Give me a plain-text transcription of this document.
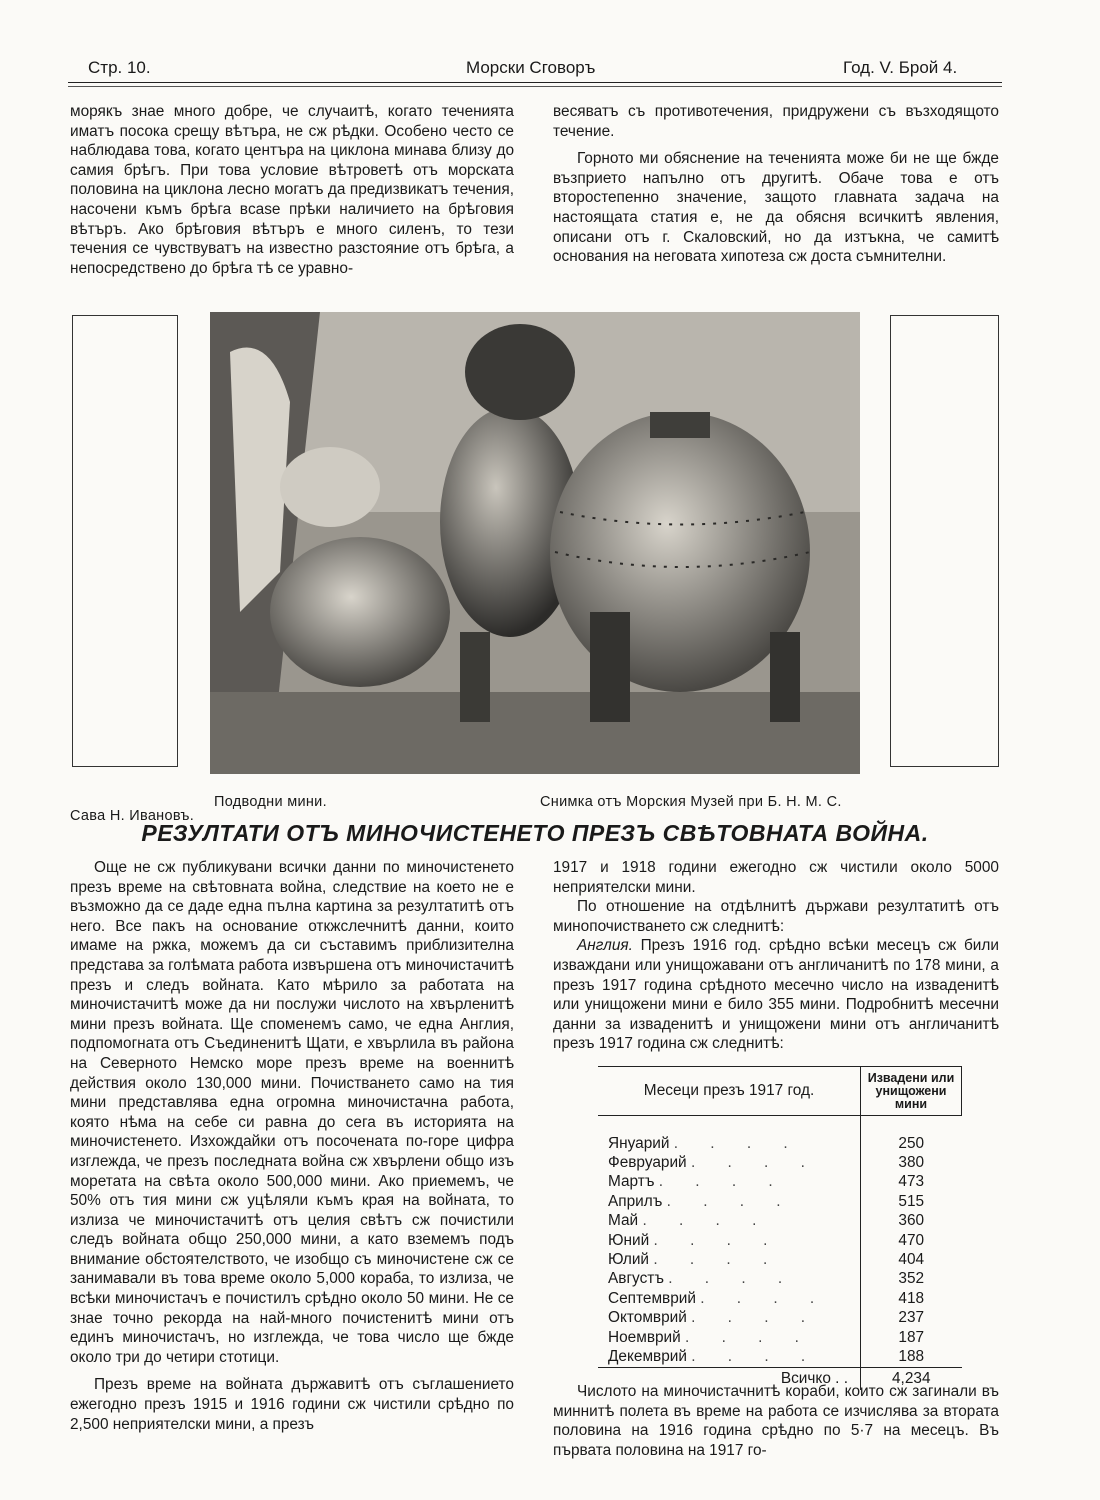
Стр. 10.	Морски Сговоръ	Год. V. Брой 4.

морякъ знае много добре, че случаитѣ, когато теченията иматъ посока срещу вѣтъра, не сж рѣдки. Особено често се наблюдава това, когато центъра на циклона минава близу до самия брѣгъ. При това условие вѣтроветѣ отъ морската половина на циклона лесно могатъ да предизвикатъ течения, насочени къмъ брѣга вcase прѣки наличието на брѣговия вѣтъръ. Ако брѣговия вѣтъръ е много силенъ, то тези течения се чувствуватъ на известно разстояние отъ брѣга, а непосредствено до брѣга тѣ се уравно-

весяватъ съ противотечения, придружени съ възходящото течение.

Горното ми обяснение на теченията може би не ще бжде възприето напълно отъ другитѣ. Обаче това е отъ второстепенно значение, защото главната задача на настоящата статия е, не да обясня всичкитѣ явления, описани отъ г. Скаловский, но да изтъкна, че самитѣ основания на неговата хипотеза сж доста съмнителни.

Подводни мини.	Снимка отъ Морския Музей при Б. Н. М. С.
Сава Н. Ивановъ.
РЕЗУЛТАТИ ОТЪ МИНОЧИСТЕНЕТО ПРЕЗЪ СВѢТОВНАТА ВОЙНА.

Още не сж публикувани всички данни по миночистенето презъ време на свѣтовната война, следствие на което не е възможно да се даде една пълна картина за резултатитѣ отъ него. Все пакъ на основание откжслечнитѣ данни, които имаме на ржка, можемъ да си съставимъ приблизителна представа за голѣмата работа извършена отъ миночистачитѣ презъ и следъ войната. Като мѣрило за работата на миночистачитѣ може да ни послужи числото на хвърленитѣ мини презъ войната. Ще споменемъ само, че една Англия, подпомогната отъ Съединенитѣ Щати, е хвърлила въ района на Северното Немско море презъ време на военнитѣ действия около 130,000 мини. Почистването само на тия мини представлява една огромна миночистачна работа, която нѣма на себе си равна до сега въ историята на миночистенето. Изхождайки отъ посочената по-горе цифра изглежда, че презъ последната война сж хвърлени общо изъ моретата на свѣта около 500,000 мини. Ако приемемъ, че 50% отъ тия мини сж уцѣляли къмъ края на войната, то излиза че миночистачитѣ отъ целия свѣтъ сж почистили следъ войната общо 250,000 мини, а като вземемъ подъ внимание обстоятелството, че изобщо съ миночистене сж се занимавали въ това време около 5,000 кораба, то излиза, че всѣки миночистачъ е почистилъ срѣдно около 50 мини. Не се знае точно рекорда на най-много почистенитѣ мини отъ единъ миночистачъ, но изглежда, че това число ще бжде около три до четири стотици.

Презъ време на войната държавитѣ отъ съглашението ежегодно презъ 1915 и 1916 години сж чистили срѣдно по 2,500 неприятелски мини, а презъ

1917 и 1918 години ежегодно сж чистили около 5000 неприятелски мини.

По отношение на отдѣлнитѣ държави резултатитѣ отъ минопочистването сж следнитѣ:

Англия. Презъ 1916 год. срѣдно всѣки месецъ сж били изваждани или унищожавани отъ англичанитѣ по 178 мини, а презъ 1917 година срѣдното месечно число на изваденитѣ или унищожени мини е било 355 мини. Подробнитѣ месечни данни за изваденитѣ и унищожени мини отъ англичанитѣ презъ 1917 година сж следнитѣ:

Месеци презъ 1917 год.	Извадени или унищожени мини
Януарий . . . .	250
Февруарий . . . .	380
Мартъ . . . .	473
Априлъ . . . .	515
Май . . . .	360
Юний . . . .	470
Юлий . . . .	404
Августъ . . . .	352
Септемврий . . . .	418
Октомврий . . . .	237
Ноемврий . . . .	187
Декемврий . . . .	188
Всичко . .	4,234

Числото на миночистачнитѣ кораби, които сж загинали въ миннитѣ полета въ време на работа се изчислява за втората половина на 1916 година срѣдно по 5·7 на месецъ. Въ първата половина на 1917 го-
